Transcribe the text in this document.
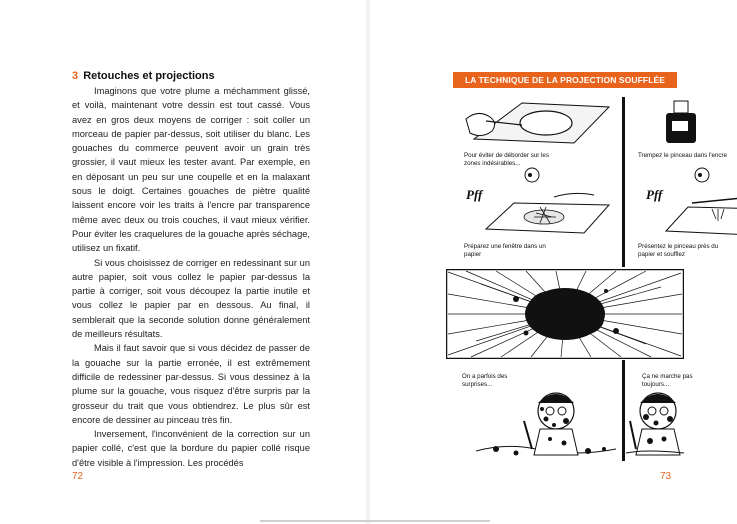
3 Retouches et projections

Imaginons que votre plume a méchamment glissé, et voilà, maintenant votre dessin est tout cassé. Vous avez en gros deux moyens de corriger : soit coller un morceau de papier par-dessus, soit utiliser du blanc. Les gouaches du commerce peuvent avoir un grain très grossier, il vaut mieux les tester avant. Par exemple, en en déposant un peu sur une coupelle et en la malaxant sous le doigt. Certaines gouaches de piètre qualité laissent encore voir les traits à l'encre par transparence même avec deux ou trois couches, il vaut mieux vérifier. Pour éviter les craquelures de la gouache après séchage, utilisez un fixatif.

Si vous choisissez de corriger en redessinant sur un autre papier, soit vous collez le papier par-dessus la partie à corriger, soit vous découpez la partie inutile et vous collez le papier par en dessous. Au final, il semblerait que la seconde solution donne généralement de meilleurs résultats.

Mais il faut savoir que si vous décidez de passer de la gouache sur la partie erronée, il est extrêmement difficile de redessiner par-dessus. Si vous dessinez à la plume sur la gouache, vous risquez d'être surpris par la grosseur du trait que vous obtiendrez. Le plus sûr est encore de dessiner au pinceau très fin.

Inversement, l'inconvénient de la correction sur un papier collé, c'est que la bordure du papier collé risque d'être visible à l'impression. Les procédés

72
LA TECHNIQUE DE LA PROJECTION SOUFFLÉE
Pour éviter de déborder sur les zones indésirables...
Trempez le pinceau dans l'encre
Pff
Préparez une fenêtre dans un papier
Pff
Présentez le pinceau près du papier et soufflez
On a parfois des surprises...
Ça ne marche pas toujours...
73
